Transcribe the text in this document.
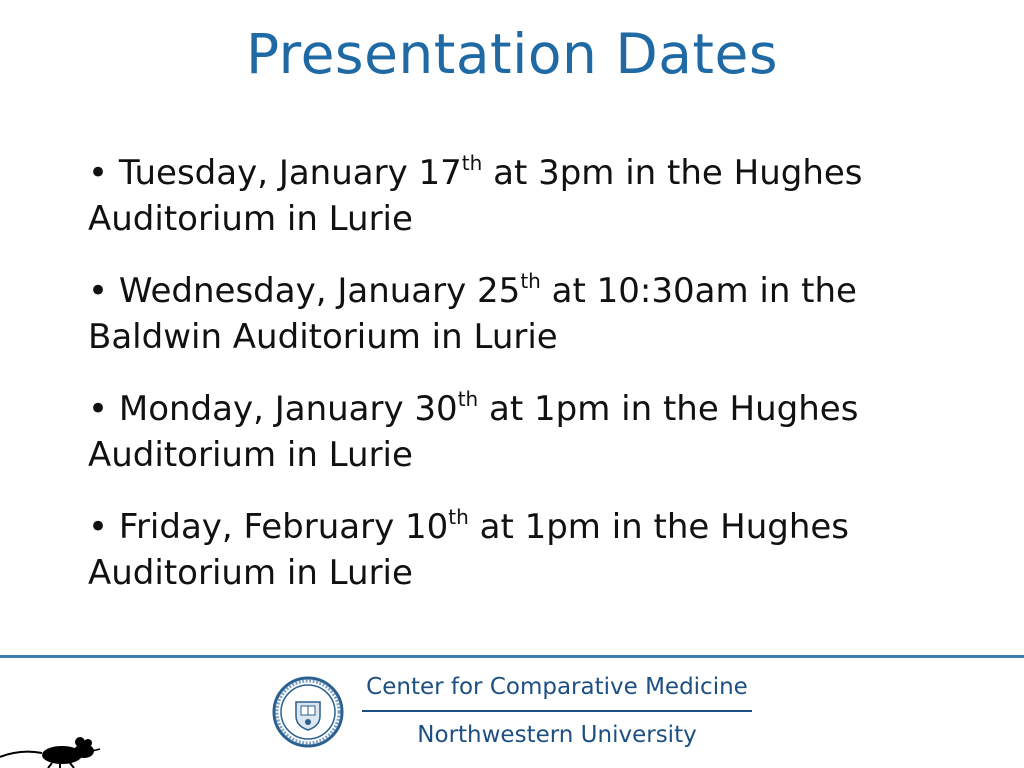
Presentation Dates
• Tuesday, January 17th at 3pm in the Hughes Auditorium in Lurie
• Wednesday, January 25th at 10:30am in the Baldwin Auditorium in Lurie
• Monday, January 30th at 1pm in the Hughes Auditorium in Lurie
• Friday, February 10th at 1pm in the Hughes Auditorium in Lurie
Center for Comparative Medicine
Northwestern University
